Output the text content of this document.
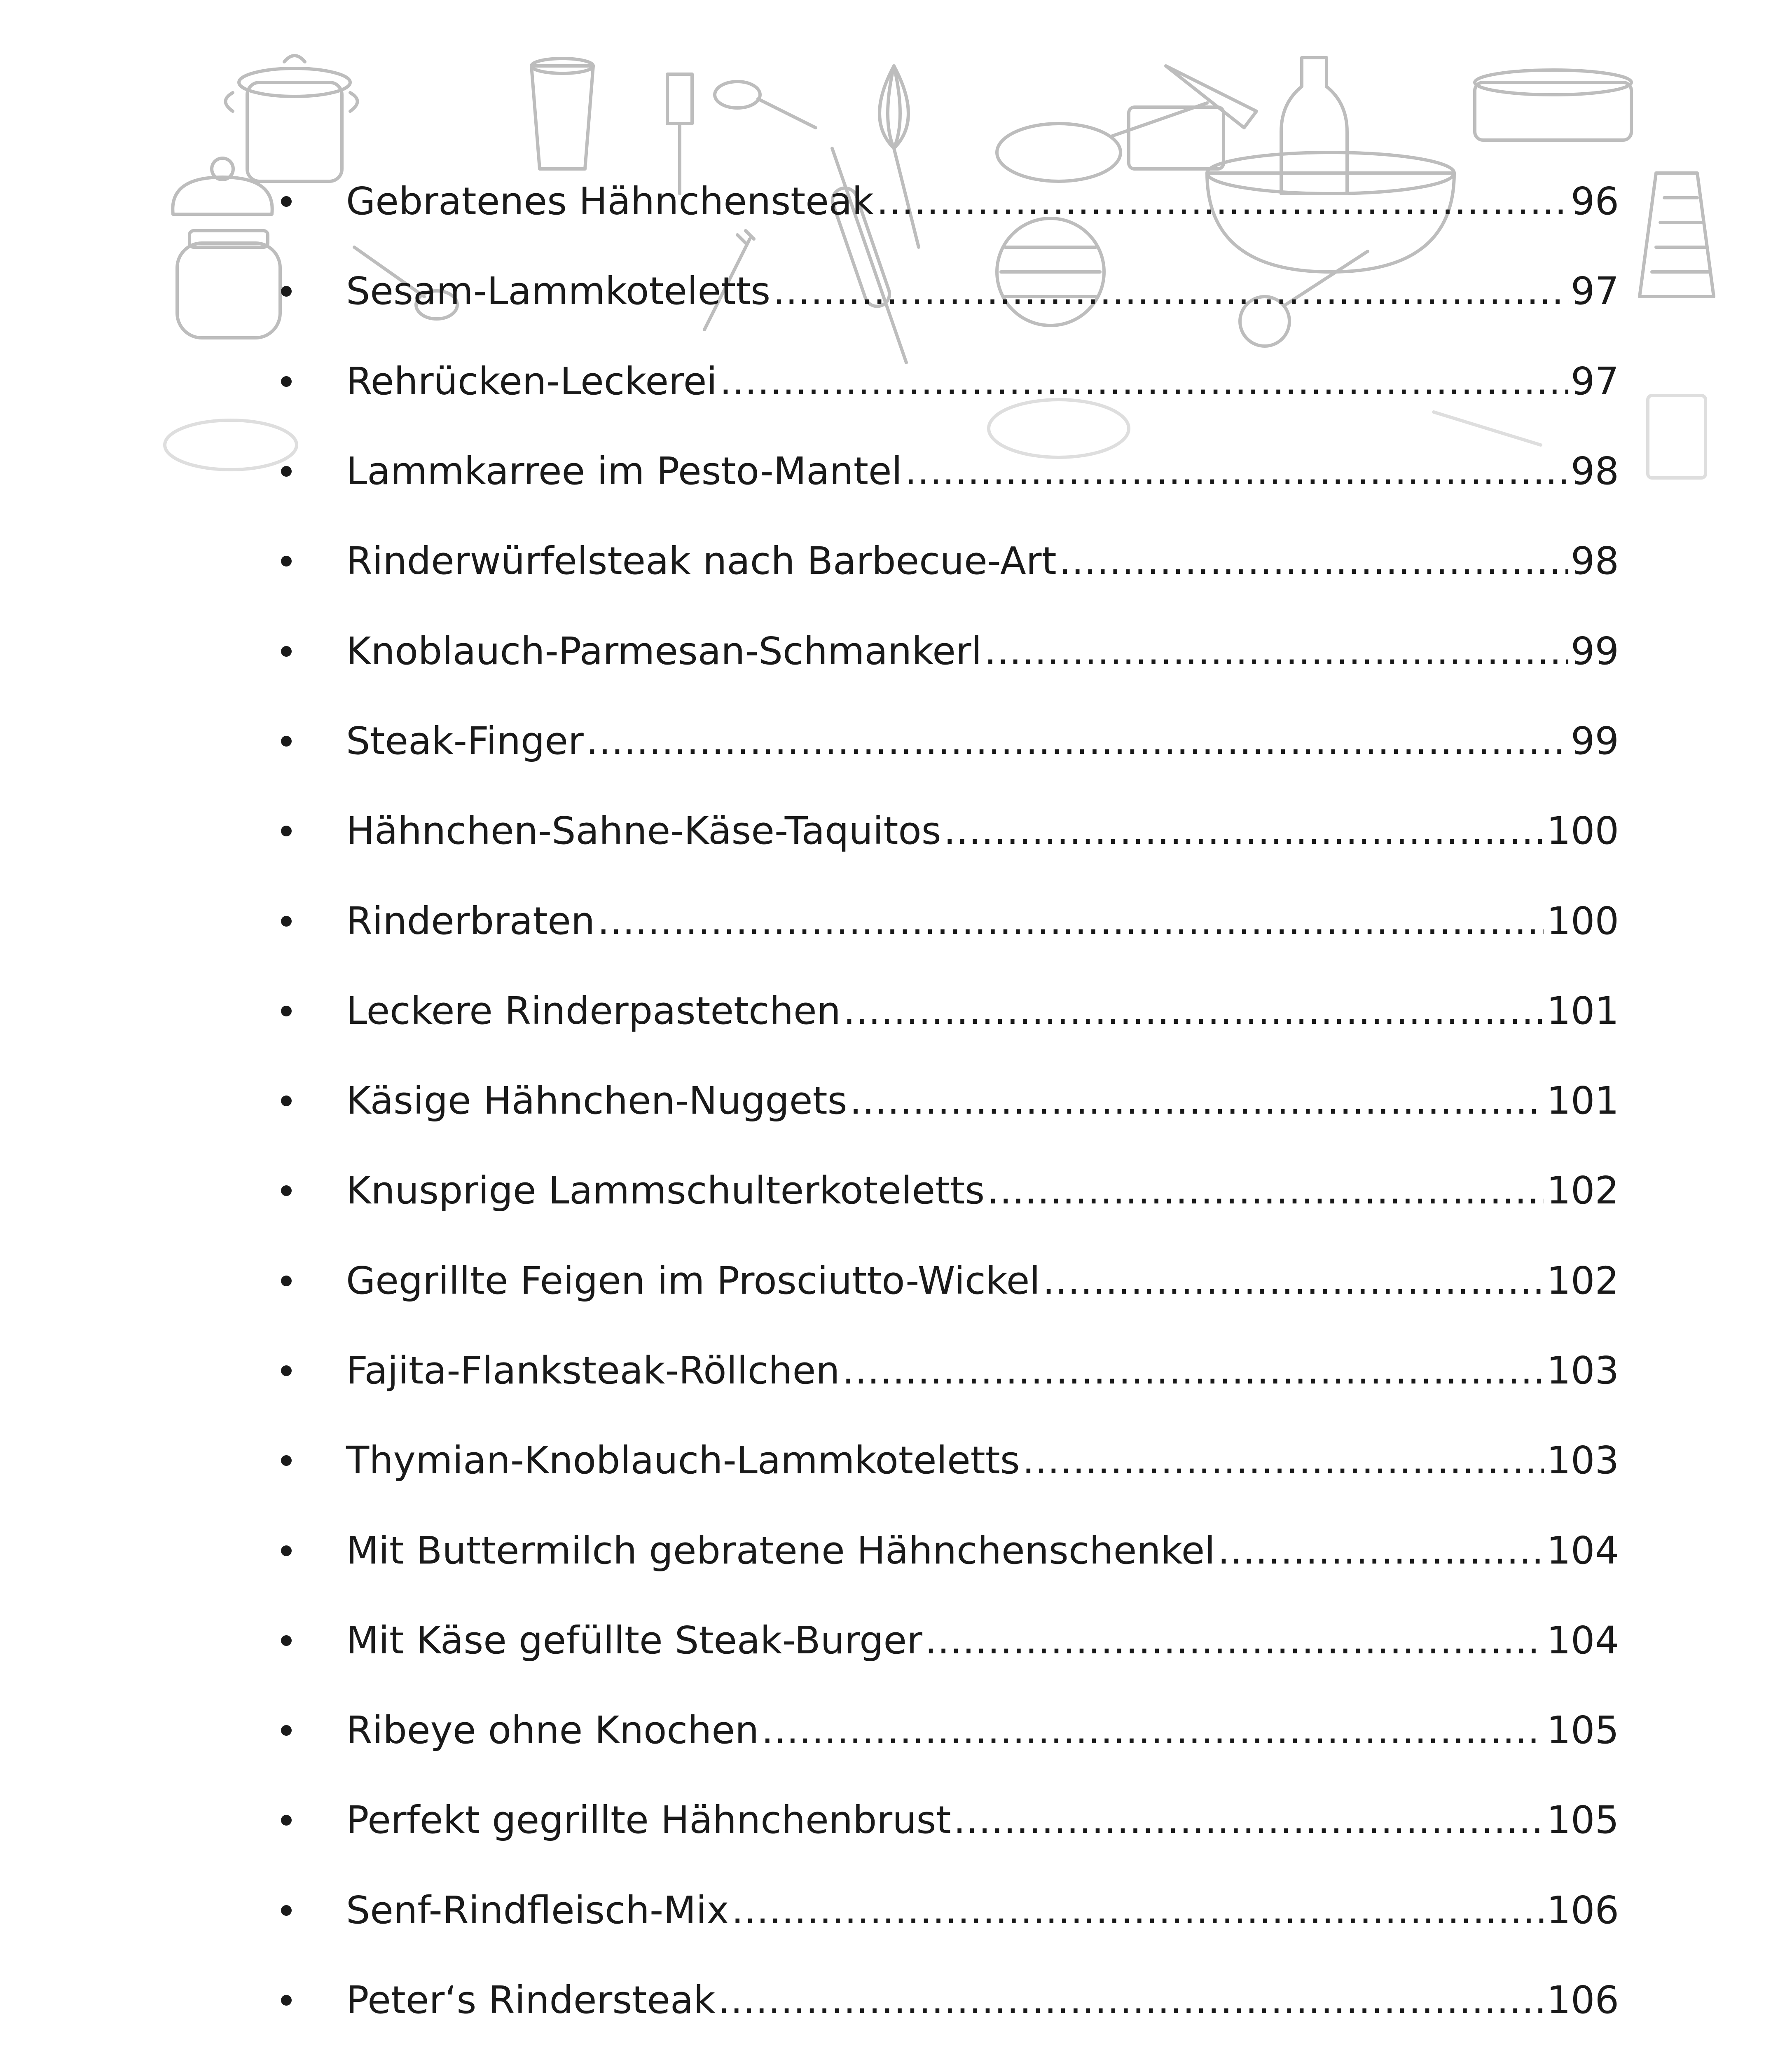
Gebratenes Hähnchensteak . . .	96
Sesam-Lammkoteletts . . .	97
Rehrücken-Leckerei . . .	97
Lammkarree im Pesto-Mantel . . .	98
Rinderwürfelsteak nach Barbecue-Art . . .	98
Knoblauch-Parmesan-Schmankerl . . .	99
Steak-Finger . . .	99
Hähnchen-Sahne-Käse-Taquitos . . .	100
Rinderbraten . . .	100
Leckere Rinderpastetchen . . .	101
Käsige Hähnchen-Nuggets . . .	101
Knusprige Lammschulterkoteletts . . .	102
Gegrillte Feigen im Prosciutto-Wickel . . .	102
Fajita-Flanksteak-Röllchen . . .	103
Thymian-Knoblauch-Lammkoteletts . . .	103
Mit Buttermilch gebratene Hähnchenschenkel . . .	104
Mit Käse gefüllte Steak-Burger . . .	104
Ribeye ohne Knochen . . .	105
Perfekt gegrillte Hähnchenbrust . . .	105
Senf-Rindfleisch-Mix . . .	106
Peter‘s Rindersteak . . .	106
